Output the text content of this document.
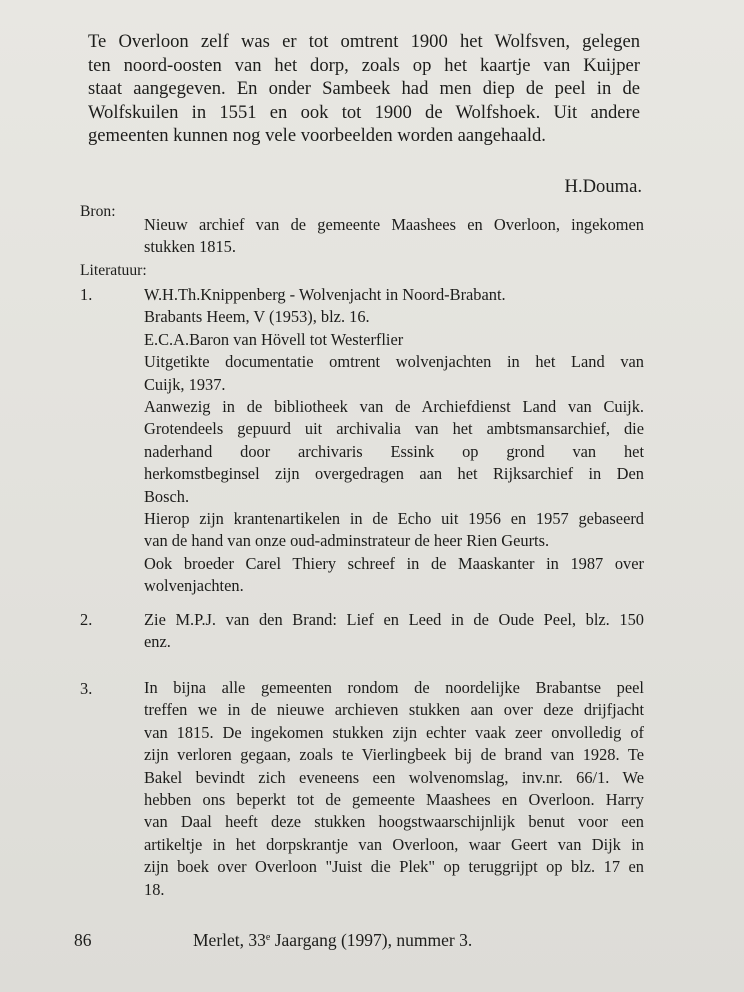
Te Overloon zelf was er tot omtrent 1900 het Wolfsven, gelegen
ten noord-oosten van het dorp, zoals op het kaartje van Kuijper
staat aangegeven. En onder Sambeek had men diep de peel in de
Wolfskuilen in 1551 en ook tot 1900 de Wolfshoek. Uit andere
gemeenten kunnen nog vele voorbeelden worden aangehaald.
H.Douma.
Bron:
Nieuw archief van de gemeente Maashees en Overloon, ingekomen
stukken 1815.
Literatuur:
1.	W.H.Th.Knippenberg - Wolvenjacht in Noord-Brabant.
Brabants Heem, V (1953), blz. 16.
E.C.A.Baron van Hövell tot Westerflier
Uitgetikte documentatie omtrent wolvenjachten in het Land van
Cuijk, 1937.
Aanwezig in de bibliotheek van de Archiefdienst Land van Cuijk.
Grotendeels gepuurd uit archivalia van het ambtsmansarchief, die
naderhand door archivaris Essink op grond van het
herkomstbeginsel zijn overgedragen aan het Rijksarchief in Den
Bosch.
Hierop zijn krantenartikelen in de Echo uit 1956 en 1957 gebaseerd
van de hand van onze oud-adminstrateur de heer Rien Geurts.
Ook broeder Carel Thiery schreef in de Maaskanter in 1987 over
wolvenjachten.
2.	Zie M.P.J. van den Brand: Lief en Leed in de Oude Peel, blz. 150
enz.
3.	In bijna alle gemeenten rondom de noordelijke Brabantse peel
treffen we in de nieuwe archieven stukken aan over deze drijfjacht
van 1815. De ingekomen stukken zijn echter vaak zeer onvolledig of
zijn verloren gegaan, zoals te Vierlingbeek bij de brand van 1928. Te
Bakel bevindt zich eveneens een wolvenomslag, inv.nr. 66/1. We
hebben ons beperkt tot de gemeente Maashees en Overloon. Harry
van Daal heeft deze stukken hoogstwaarschijnlijk benut voor een
artikeltje in het dorpskrantje van Overloon, waar Geert van Dijk in
zijn boek over Overloon "Juist die Plek" op teruggrijpt op blz. 17 en
18.
86	Merlet, 33e Jaargang (1997), nummer 3.
